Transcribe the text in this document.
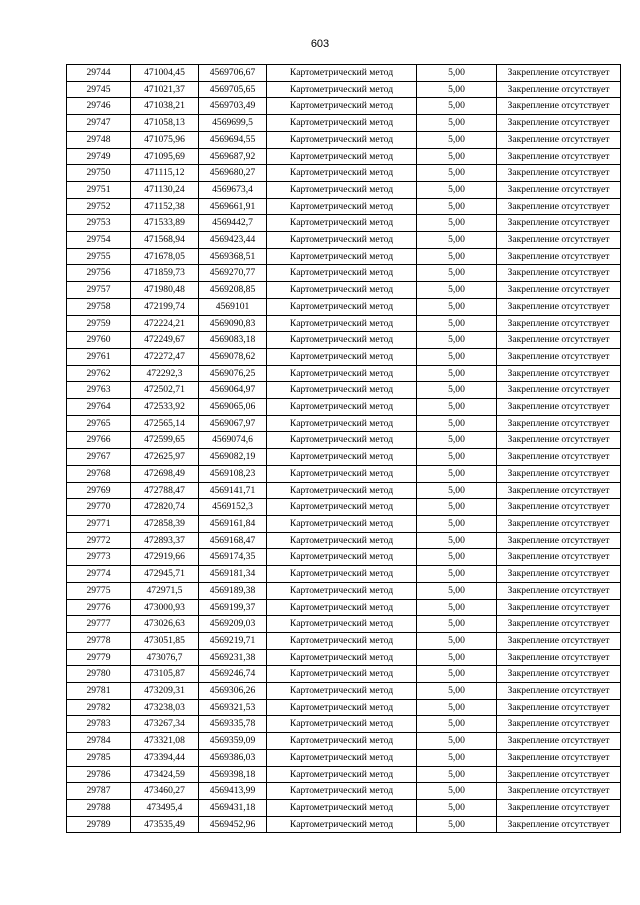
603
29744	471004,45	4569706,67	Картометрический метод	5,00	Закрепление отсутствует
29745	471021,37	4569705,65	Картометрический метод	5,00	Закрепление отсутствует
29746	471038,21	4569703,49	Картометрический метод	5,00	Закрепление отсутствует
29747	471058,13	4569699,5	Картометрический метод	5,00	Закрепление отсутствует
29748	471075,96	4569694,55	Картометрический метод	5,00	Закрепление отсутствует
29749	471095,69	4569687,92	Картометрический метод	5,00	Закрепление отсутствует
29750	471115,12	4569680,27	Картометрический метод	5,00	Закрепление отсутствует
29751	471130,24	4569673,4	Картометрический метод	5,00	Закрепление отсутствует
29752	471152,38	4569661,91	Картометрический метод	5,00	Закрепление отсутствует
29753	471533,89	4569442,7	Картометрический метод	5,00	Закрепление отсутствует
29754	471568,94	4569423,44	Картометрический метод	5,00	Закрепление отсутствует
29755	471678,05	4569368,51	Картометрический метод	5,00	Закрепление отсутствует
29756	471859,73	4569270,77	Картометрический метод	5,00	Закрепление отсутствует
29757	471980,48	4569208,85	Картометрический метод	5,00	Закрепление отсутствует
29758	472199,74	4569101	Картометрический метод	5,00	Закрепление отсутствует
29759	472224,21	4569090,83	Картометрический метод	5,00	Закрепление отсутствует
29760	472249,67	4569083,18	Картометрический метод	5,00	Закрепление отсутствует
29761	472272,47	4569078,62	Картометрический метод	5,00	Закрепление отсутствует
29762	472292,3	4569076,25	Картометрический метод	5,00	Закрепление отсутствует
29763	472502,71	4569064,97	Картометрический метод	5,00	Закрепление отсутствует
29764	472533,92	4569065,06	Картометрический метод	5,00	Закрепление отсутствует
29765	472565,14	4569067,97	Картометрический метод	5,00	Закрепление отсутствует
29766	472599,65	4569074,6	Картометрический метод	5,00	Закрепление отсутствует
29767	472625,97	4569082,19	Картометрический метод	5,00	Закрепление отсутствует
29768	472698,49	4569108,23	Картометрический метод	5,00	Закрепление отсутствует
29769	472788,47	4569141,71	Картометрический метод	5,00	Закрепление отсутствует
29770	472820,74	4569152,3	Картометрический метод	5,00	Закрепление отсутствует
29771	472858,39	4569161,84	Картометрический метод	5,00	Закрепление отсутствует
29772	472893,37	4569168,47	Картометрический метод	5,00	Закрепление отсутствует
29773	472919,66	4569174,35	Картометрический метод	5,00	Закрепление отсутствует
29774	472945,71	4569181,34	Картометрический метод	5,00	Закрепление отсутствует
29775	472971,5	4569189,38	Картометрический метод	5,00	Закрепление отсутствует
29776	473000,93	4569199,37	Картометрический метод	5,00	Закрепление отсутствует
29777	473026,63	4569209,03	Картометрический метод	5,00	Закрепление отсутствует
29778	473051,85	4569219,71	Картометрический метод	5,00	Закрепление отсутствует
29779	473076,7	4569231,38	Картометрический метод	5,00	Закрепление отсутствует
29780	473105,87	4569246,74	Картометрический метод	5,00	Закрепление отсутствует
29781	473209,31	4569306,26	Картометрический метод	5,00	Закрепление отсутствует
29782	473238,03	4569321,53	Картометрический метод	5,00	Закрепление отсутствует
29783	473267,34	4569335,78	Картометрический метод	5,00	Закрепление отсутствует
29784	473321,08	4569359,09	Картометрический метод	5,00	Закрепление отсутствует
29785	473394,44	4569386,03	Картометрический метод	5,00	Закрепление отсутствует
29786	473424,59	4569398,18	Картометрический метод	5,00	Закрепление отсутствует
29787	473460,27	4569413,99	Картометрический метод	5,00	Закрепление отсутствует
29788	473495,4	4569431,18	Картометрический метод	5,00	Закрепление отсутствует
29789	473535,49	4569452,96	Картометрический метод	5,00	Закрепление отсутствует
